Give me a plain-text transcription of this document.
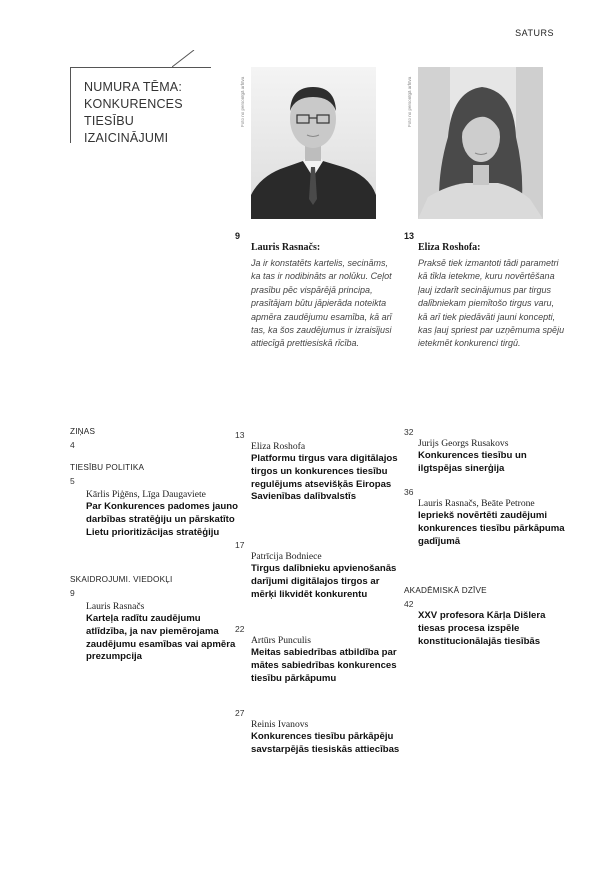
SATURS
NUMURA TĒMA:
KONKURENCES TIESĪBU
IZAICINĀJUMI
Foto no personīgā arhīva	Foto no personīgā arhīva
9
Lauris Rasnačs:
Ja ir konstatēts kartelis, secināms, ka tas ir nodibināts ar nolūku. Ceļot prasību pēc vispārējā principa, prasītājam būtu jāpierāda noteikta apmēra zaudējumu esamība, kā arī tas, ka šos zaudējumus ir izraisījusi attiecīgā prettiesiskā rīcība.
13
Eliza Roshofa:
Praksē tiek izmantoti tādi parametri kā tīkla ietekme, kuru novērtēšana ļauj izdarīt secinājumus par tirgus dalībniekam piemītošo tirgus varu, kā arī tiek piedāvāti jauni koncepti, kas ļauj spriest par uzņēmuma spēju ietekmēt konkurenci tirgū.
ZIŅAS
4
TIESĪBU POLITIKA
5
Kārlis Piģēns, Līga Daugaviete
Par Konkurences padomes jauno darbības stratēģiju un pārskatīto Lietu prioritizācijas stratēģiju
SKAIDROJUMI. VIEDOKĻI
9
Lauris Rasnačs
Karteļa radītu zaudējumu atlīdzība, ja nav piemērojama zaudējumu esamības vai apmēra prezumpcija
13
Eliza Roshofa
Platformu tirgus vara digitālajos tirgos un konkurences tiesību regulējums atsevišķās Eiropas Savienības dalībvalstīs
17
Patrīcija Bodniece
Tirgus dalībnieku apvienošanās darījumi digitālajos tirgos ar mērķi likvidēt konkurentu
22
Artūrs Punculis
Meitas sabiedrības atbildība par mātes sabiedrības konkurences tiesību pārkāpumu
27
Reinis Ivanovs
Konkurences tiesību pārkāpēju savstarpējās tiesiskās attiecības
32
Jurijs Georgs Rusakovs
Konkurences tiesību un ilgtspējas sinerģija
36
Lauris Rasnačs, Beāte Petrone
Iepriekš novērtēti zaudējumi konkurences tiesību pārkāpuma gadījumā
AKADĒMISKĀ DZĪVE
42
XXV profesora Kārļa Dišlera tiesas procesa izspēle konstitucionālajās tiesībās
